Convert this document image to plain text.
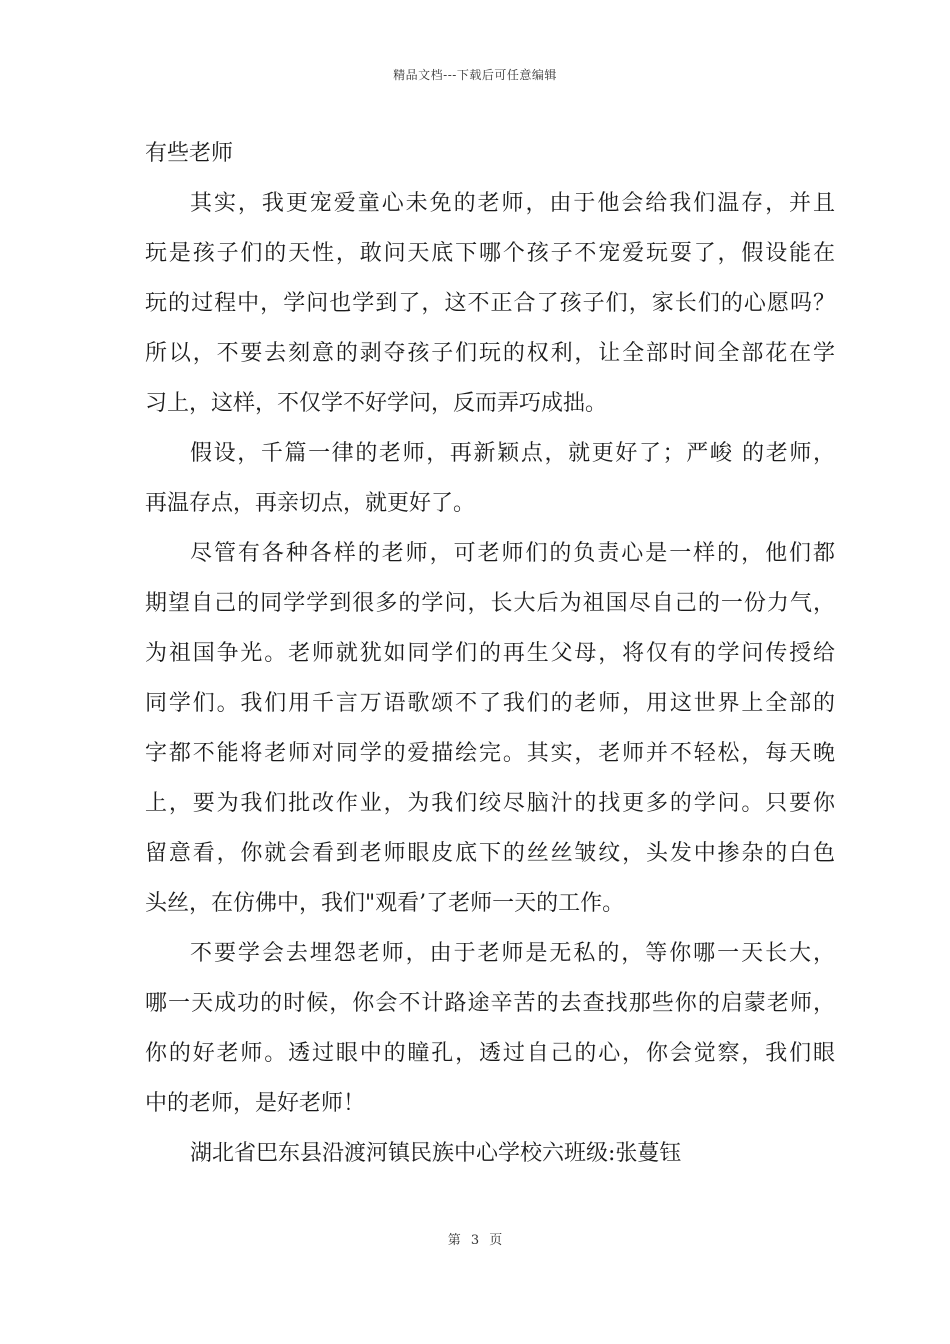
精品文档---下载后可任意编辑
有些老师
其实，我更宠爱童心未免的老师，由于他会给我们温存，并且
玩是孩子们的天性，敢问天底下哪个孩子不宠爱玩耍了，假设能在
玩的过程中，学问也学到了，这不正合了孩子们，家长们的心愿吗？
所以，不要去刻意的剥夺孩子们玩的权利，让全部时间全部花在学
习上，这样，不仅学不好学问，反而弄巧成拙。
假设，千篇一律的老师，再新颖点，就更好了；严峻 的老师，
再温存点，再亲切点，就更好了。
尽管有各种各样的老师，可老师们的负责心是一样的，他们都
期望自己的同学学到很多的学问，长大后为祖国尽自己的一份力气，
为祖国争光。老师就犹如同学们的再生父母，将仅有的学问传授给
同学们。我们用千言万语歌颂不了我们的老师，用这世界上全部的
字都不能将老师对同学的爱描绘完。其实，老师并不轻松，每天晚
上，要为我们批改作业，为我们绞尽脑汁的找更多的学问。只要你
留意看，你就会看到老师眼皮底下的丝丝皱纹，头发中掺杂的白色
头丝，在仿佛中，我们"观看’了老师一天的工作。
不要学会去埋怨老师，由于老师是无私的，等你哪一天长大，
哪一天成功的时候，你会不计路途辛苦的去查找那些你的启蒙老师，
你的好老师。透过眼中的瞳孔，透过自己的心，你会觉察，我们眼
中的老师，是好老师！
湖北省巴东县沿渡河镇民族中心学校六班级:张蔓钰
第 3 页
